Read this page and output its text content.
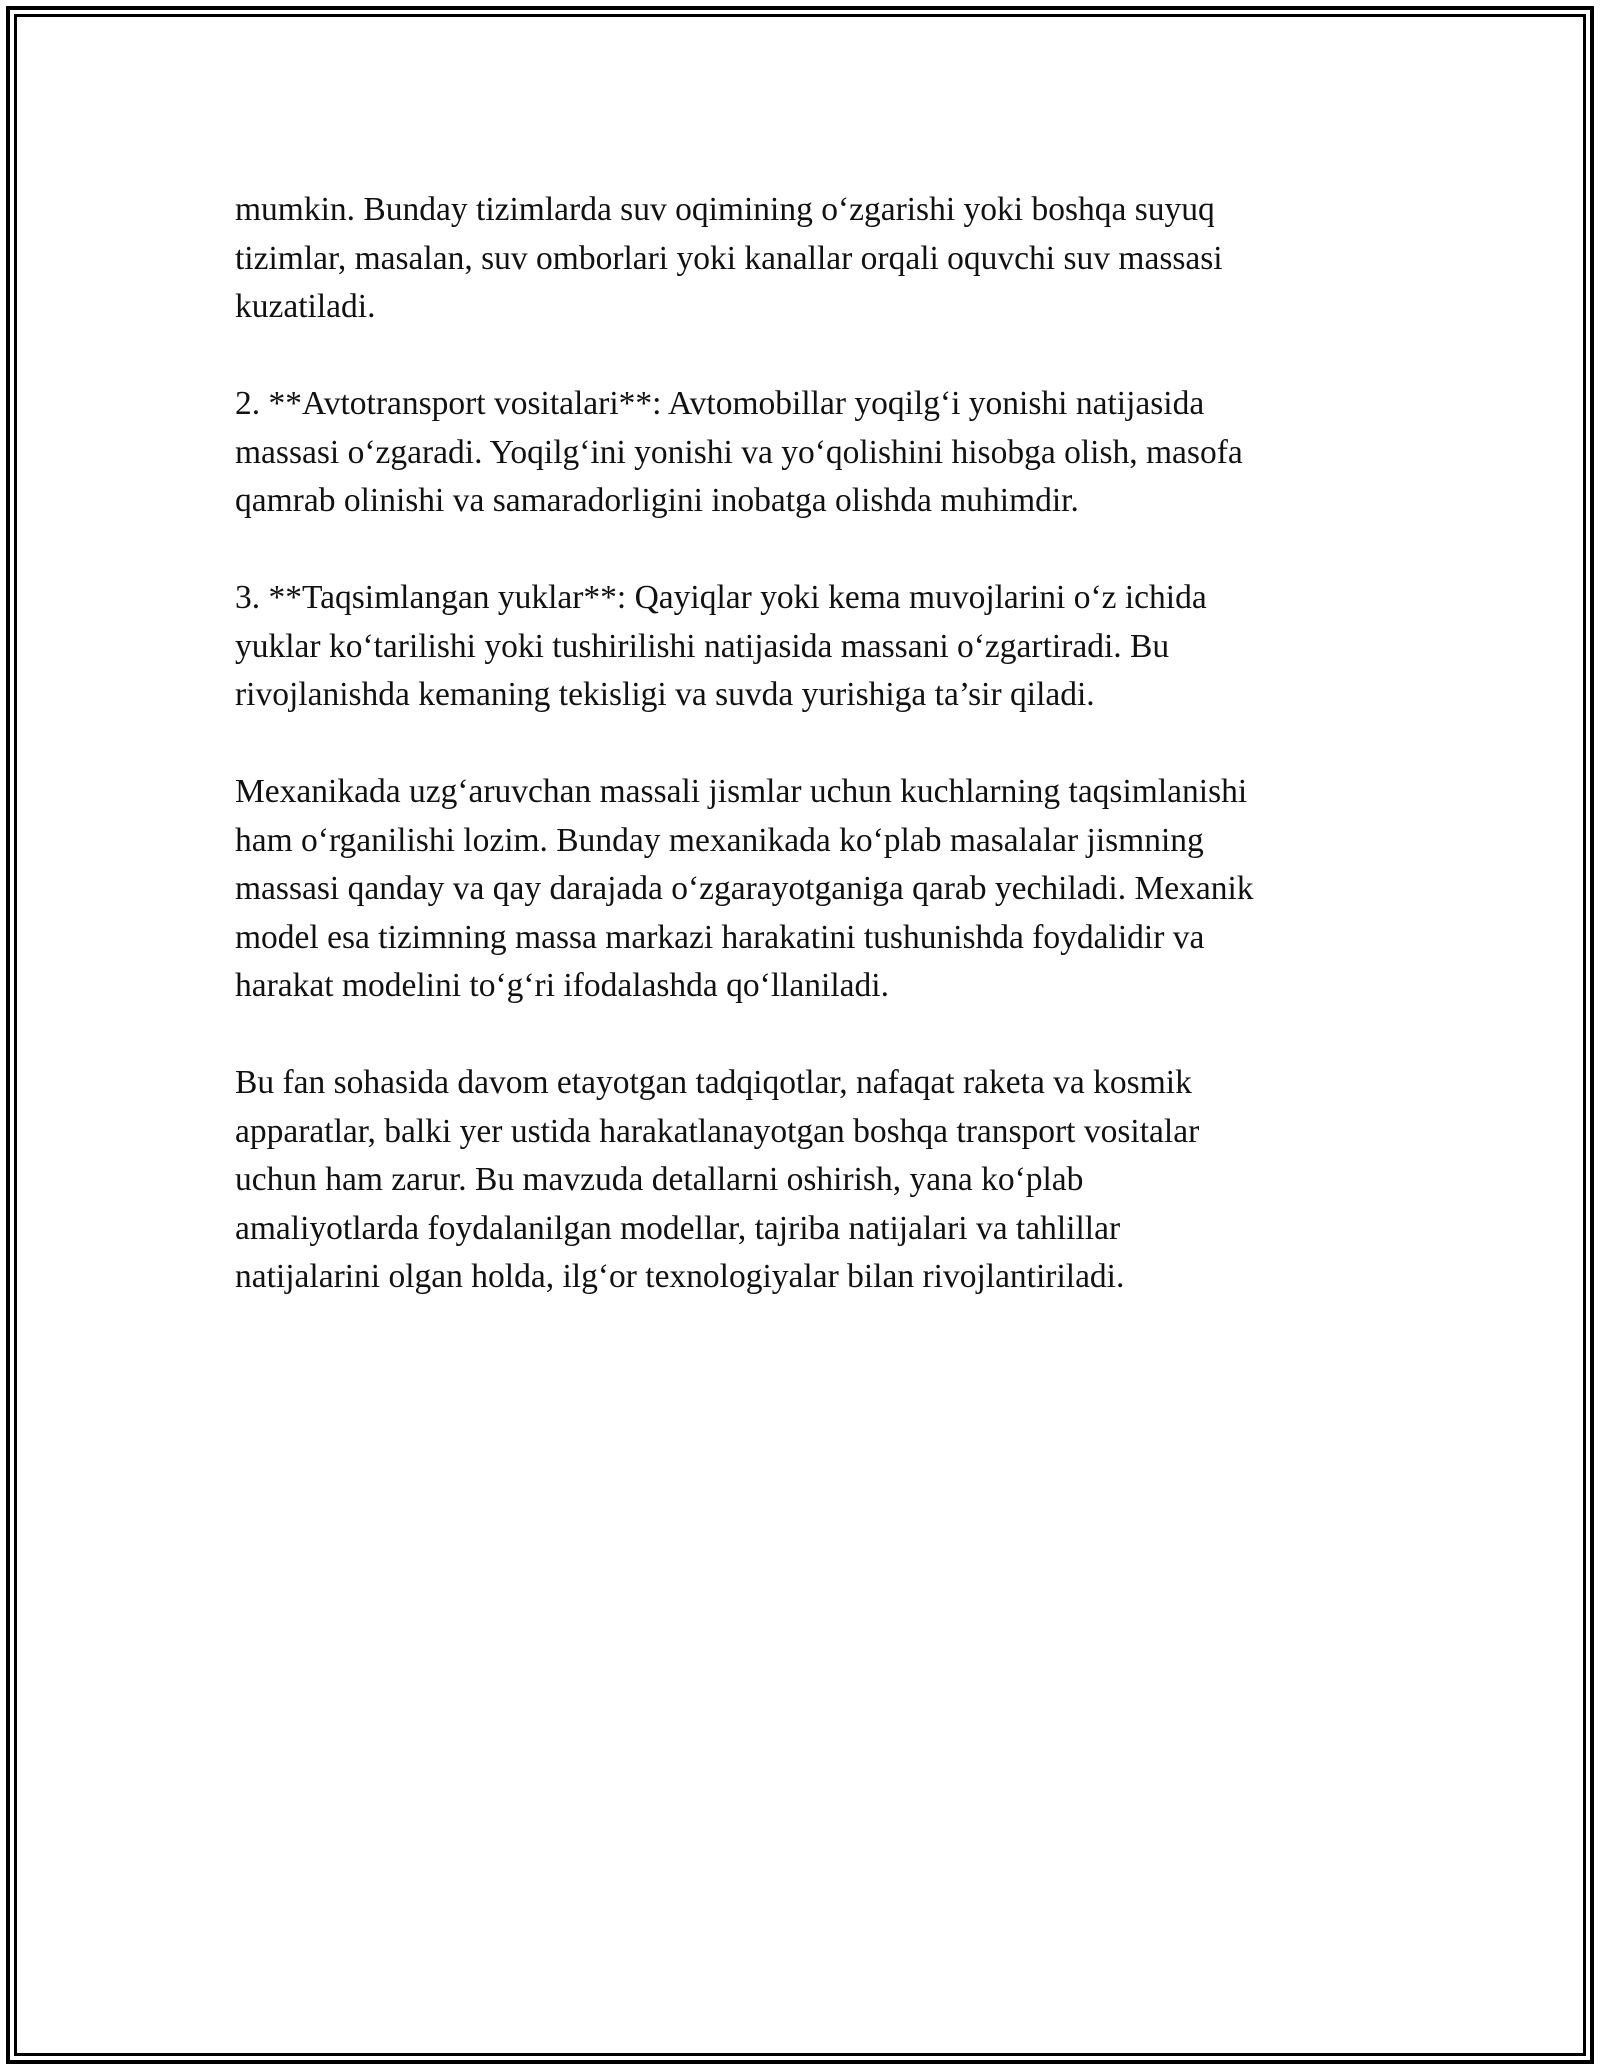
mumkin. Bunday tizimlarda suv oqimining o‘zgarishi yoki boshqa suyuq
tizimlar, masalan, suv omborlari yoki kanallar orqali oquvchi suv massasi
kuzatiladi.

2. **Avtotransport vositalari**: Avtomobillar yoqilg‘i yonishi natijasida
massasi o‘zgaradi. Yoqilg‘ini yonishi va yo‘qolishini hisobga olish, masofa
qamrab olinishi va samaradorligini inobatga olishda muhimdir.

3. **Taqsimlangan yuklar**: Qayiqlar yoki kema muvojlarini o‘z ichida
yuklar ko‘tarilishi yoki tushirilishi natijasida massani o‘zgartiradi. Bu
rivojlanishda kemaning tekisligi va suvda yurishiga ta’sir qiladi.

Mexanikada uzg‘aruvchan massali jismlar uchun kuchlarning taqsimlanishi
ham o‘rganilishi lozim. Bunday mexanikada ko‘plab masalalar jismning
massasi qanday va qay darajada o‘zgarayotganiga qarab yechiladi. Mexanik
model esa tizimning massa markazi harakatini tushunishda foydalidir va
harakat modelini to‘g‘ri ifodalashda qo‘llaniladi.

Bu fan sohasida davom etayotgan tadqiqotlar, nafaqat raketa va kosmik
apparatlar, balki yer ustida harakatlanayotgan boshqa transport vositalar
uchun ham zarur. Bu mavzuda detallarni oshirish, yana ko‘plab
amaliyotlarda foydalanilgan modellar, tajriba natijalari va tahlillar
natijalarini olgan holda, ilg‘or texnologiyalar bilan rivojlantiriladi.
